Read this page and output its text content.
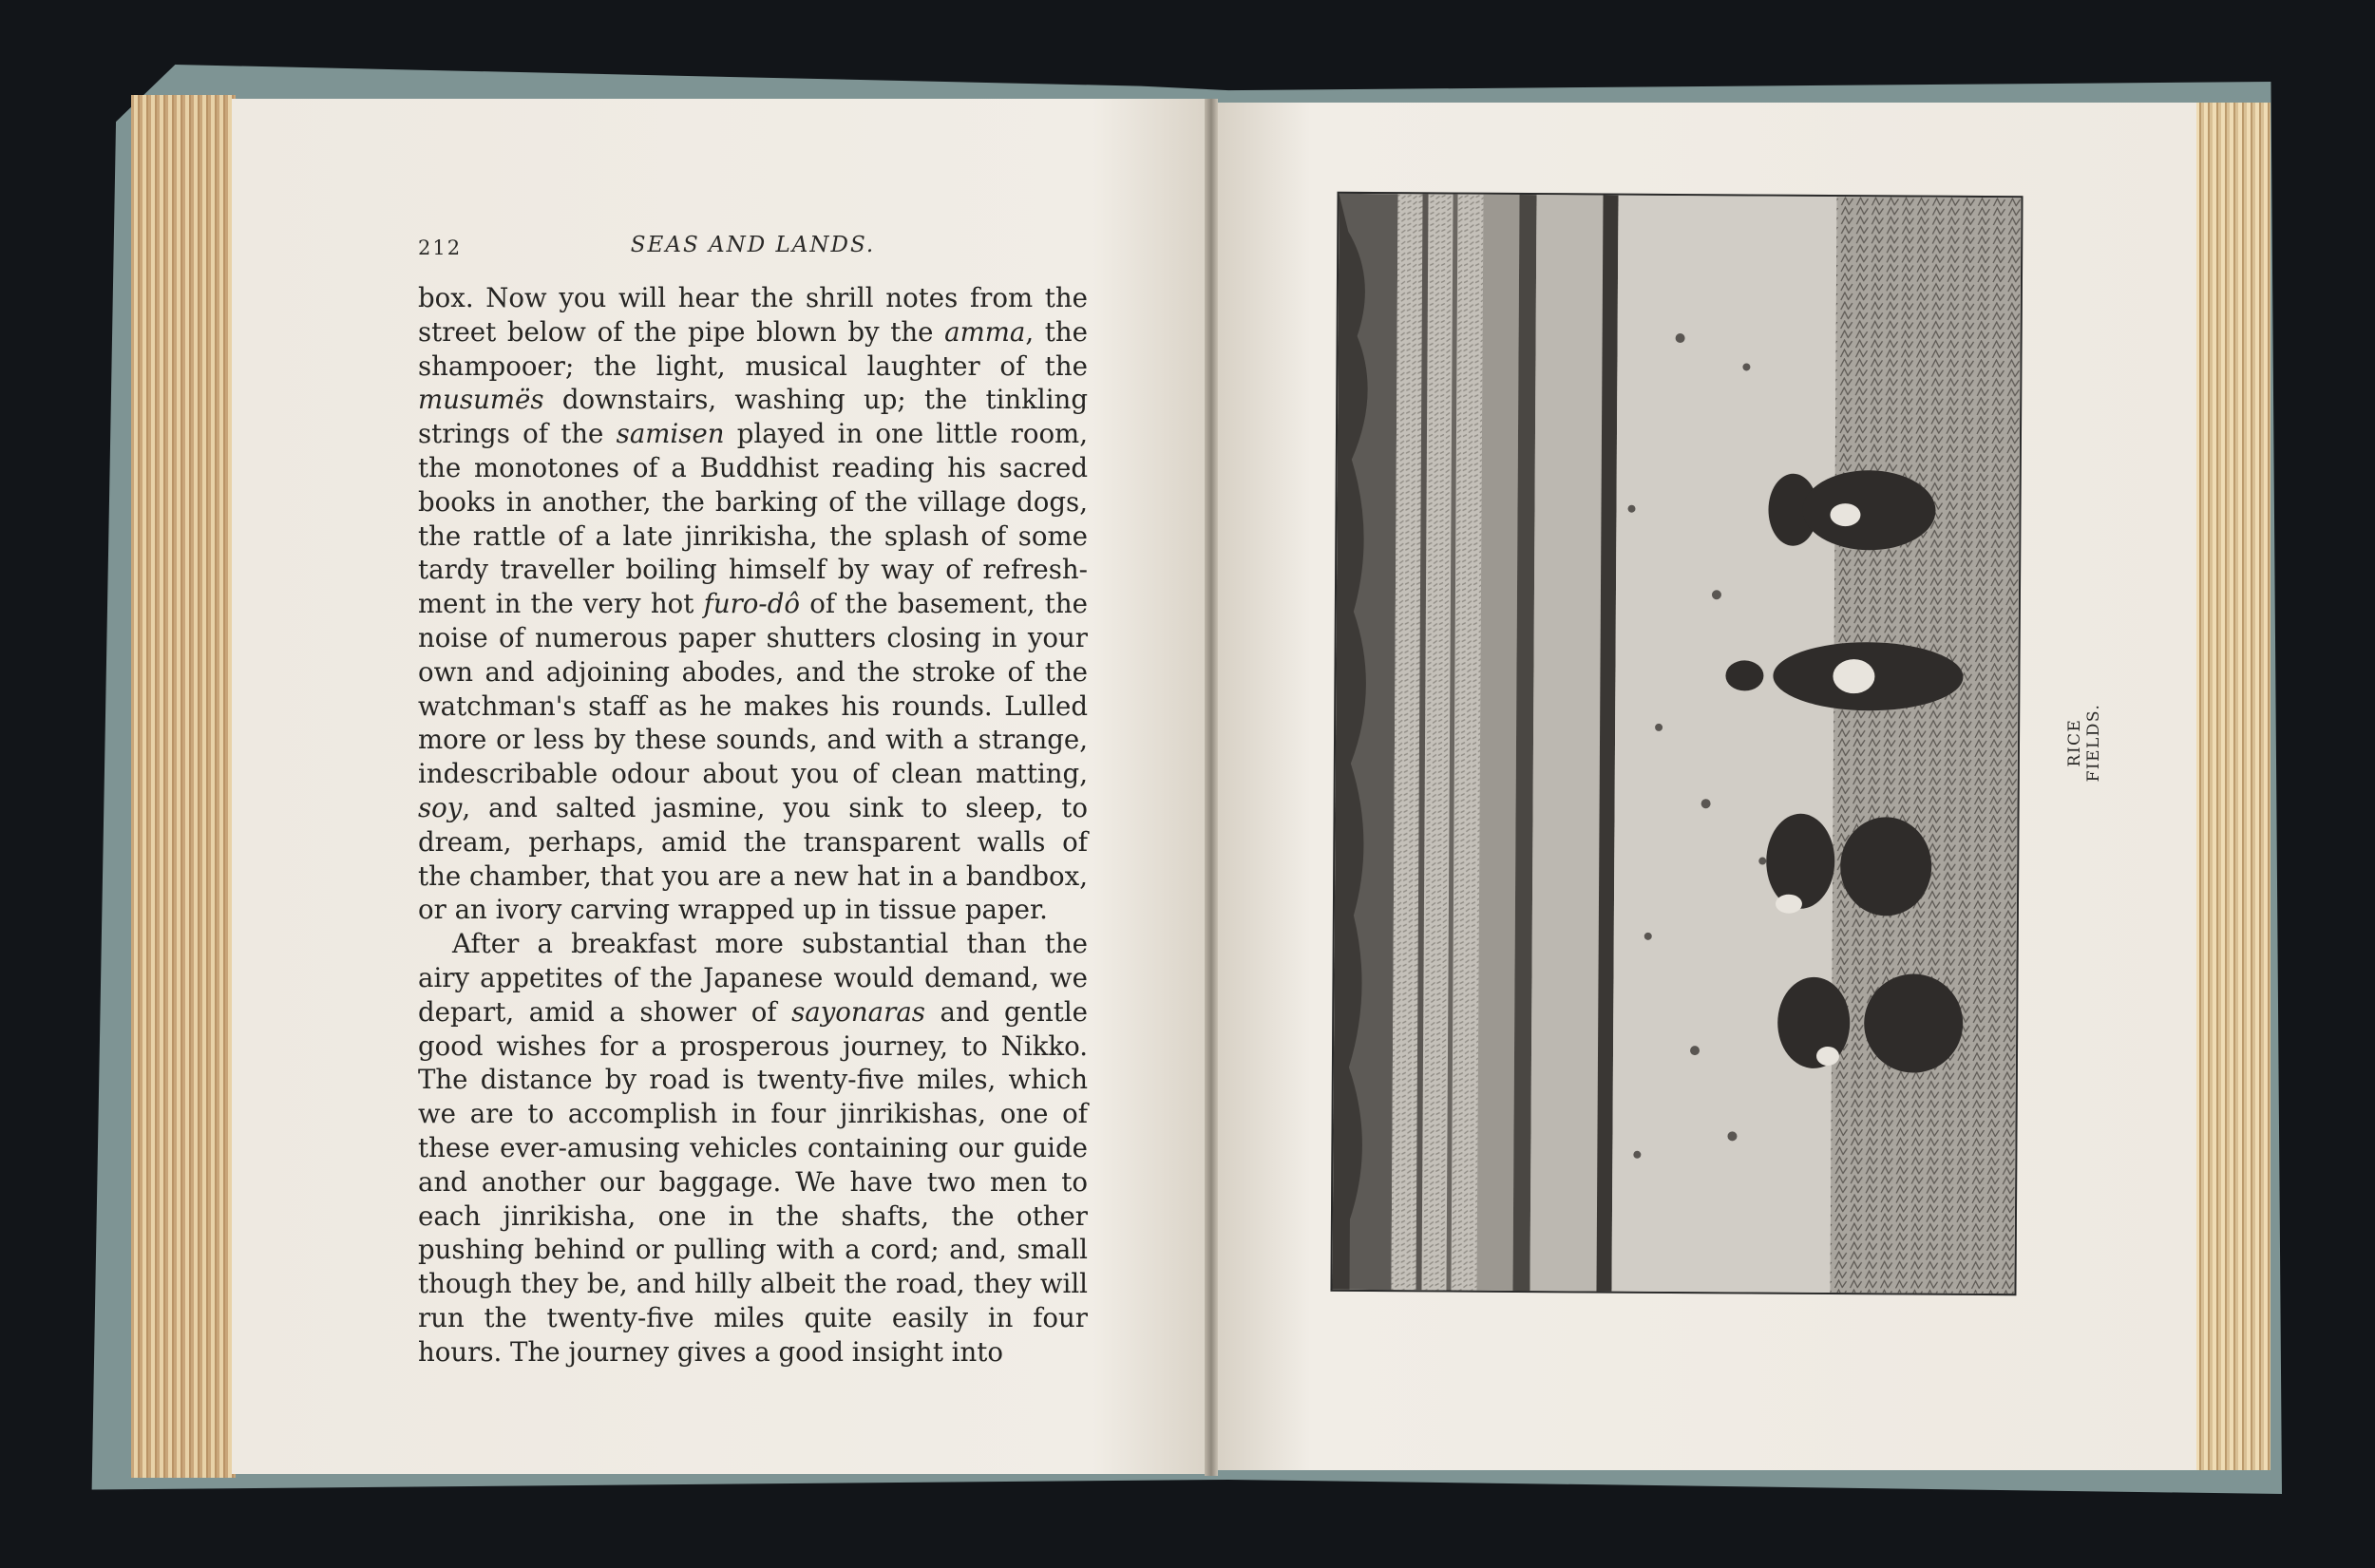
212	SEAS AND LANDS.

box. Now you will hear the shrill notes from the street below of the pipe blown by the amma, the shampooer; the light, musical laughter of the musumës downstairs, washing up; the tinkling strings of the samisen played in one little room, the monotones of a Buddhist reading his sacred books in another, the barking of the village dogs, the rattle of a late jinrikisha, the splash of some tardy traveller boiling himself by way of refresh- ment in the very hot furo-dô of the basement, the noise of numerous paper shutters closing in your own and adjoining abodes, and the stroke of the watchman's staff as he makes his rounds. Lulled more or less by these sounds, and with a strange, indescribable odour about you of clean matting, soy, and salted jasmine, you sink to sleep, to dream, perhaps, amid the transparent walls of the chamber, that you are a new hat in a bandbox, or an ivory carving wrapped up in tissue paper.

After a breakfast more substantial than the airy appetites of the Japanese would demand, we depart, amid a shower of sayonaras and gentle good wishes for a prosperous journey, to Nikko. The distance by road is twenty-five miles, which we are to accomplish in four jinrikishas, one of these ever-amusing vehicles containing our guide and another our baggage. We have two men to each jinrikisha, one in the shafts, the other pushing behind or pulling with a cord; and, small though they be, and hilly albeit the road, they will run the twenty-five miles quite easily in four hours. The journey gives a good insight into

RICE FIELDS.
